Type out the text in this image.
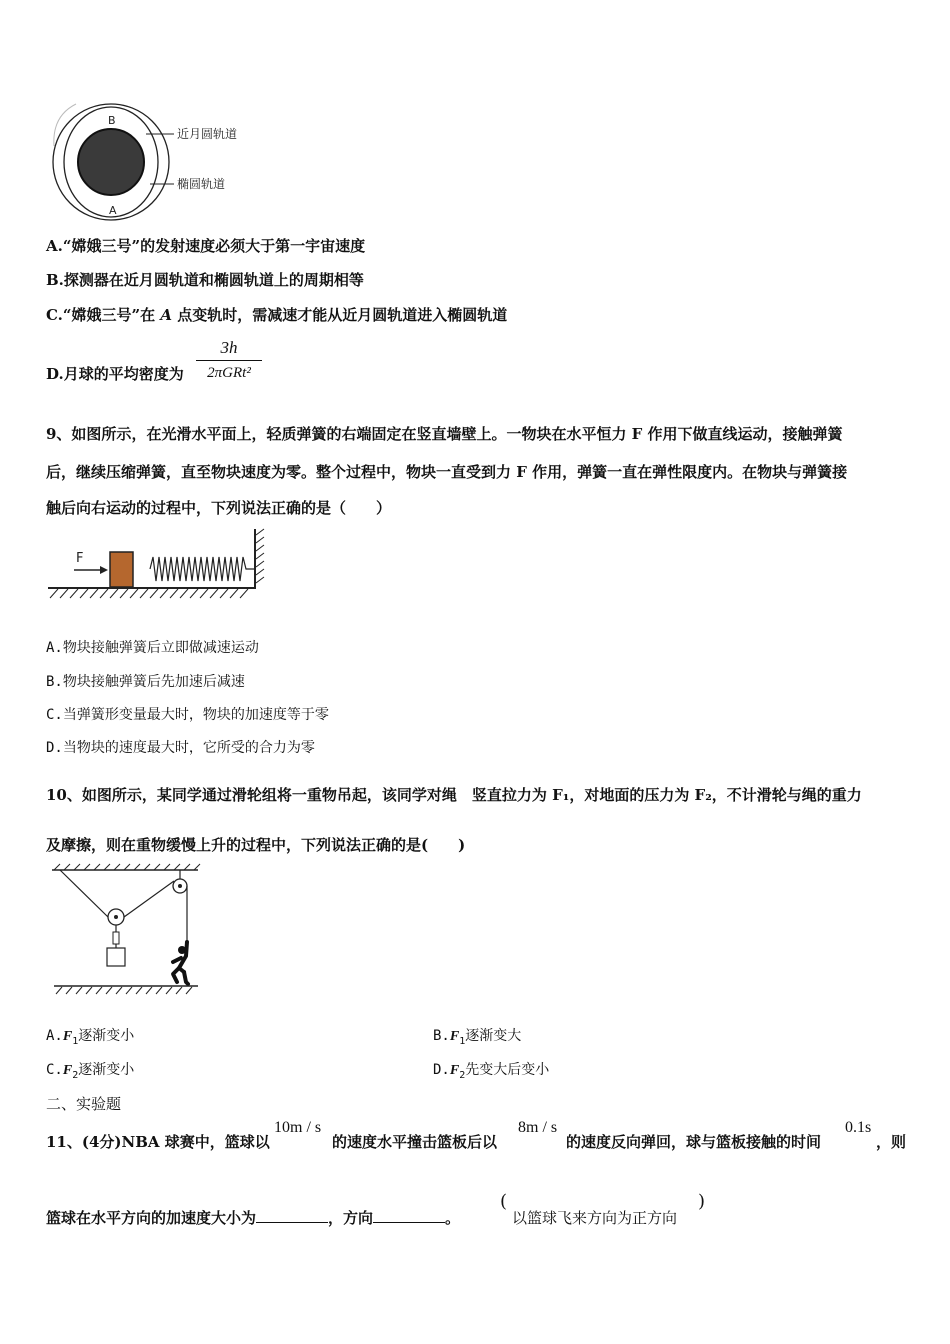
B
A
近月圆轨道
椭圆轨道
A.“嫦娥三号”的发射速度必须大于第一宇宙速度
B.探测器在近月圆轨道和椭圆轨道上的周期相等
C.“嫦娥三号”在 A 点变轨时，需减速才能从近月圆轨道进入椭圆轨道
D.月球的平均密度为
3h
2πGRt²
9、如图所示，在光滑水平面上，轻质弹簧的右端固定在竖直墙壁上。一物块在水平恒力 F 作用下做直线运动，接触弹簧
后，继续压缩弹簧，直至物块速度为零。整个过程中，物块一直受到力 F 作用，弹簧一直在弹性限度内。在物块与弹簧接
触后向右运动的过程中，下列说法正确的是（　　）
F
A.物块接触弹簧后立即做减速运动
B.物块接触弹簧后先加速后减速
C.当弹簧形变量最大时，物块的加速度等于零
D.当物块的速度最大时，它所受的合力为零
10、如图所示，某同学通过滑轮组将一重物吊起，该同学对绳　竖直拉力为 F₁，对地面的压力为 F₂，不计滑轮与绳的重力
及摩擦，则在重物缓慢上升的过程中，下列说法正确的是(　　)
$A.F_1$逐渐变小	$B.F_1$逐渐变大
$C.F_2$逐渐变小	$D.F_2$先变大后变小
二、实验题
11、(4分)NBA 球赛中，篮球以
10m / s
的速度水平撞击篮板后以
8m / s
的速度反向弹回，球与篮板接触的时间
0.1s
，则
篮球在水平方向的加速度大小为	，方向	。
(
以篮球飞来方向为正方向
)
